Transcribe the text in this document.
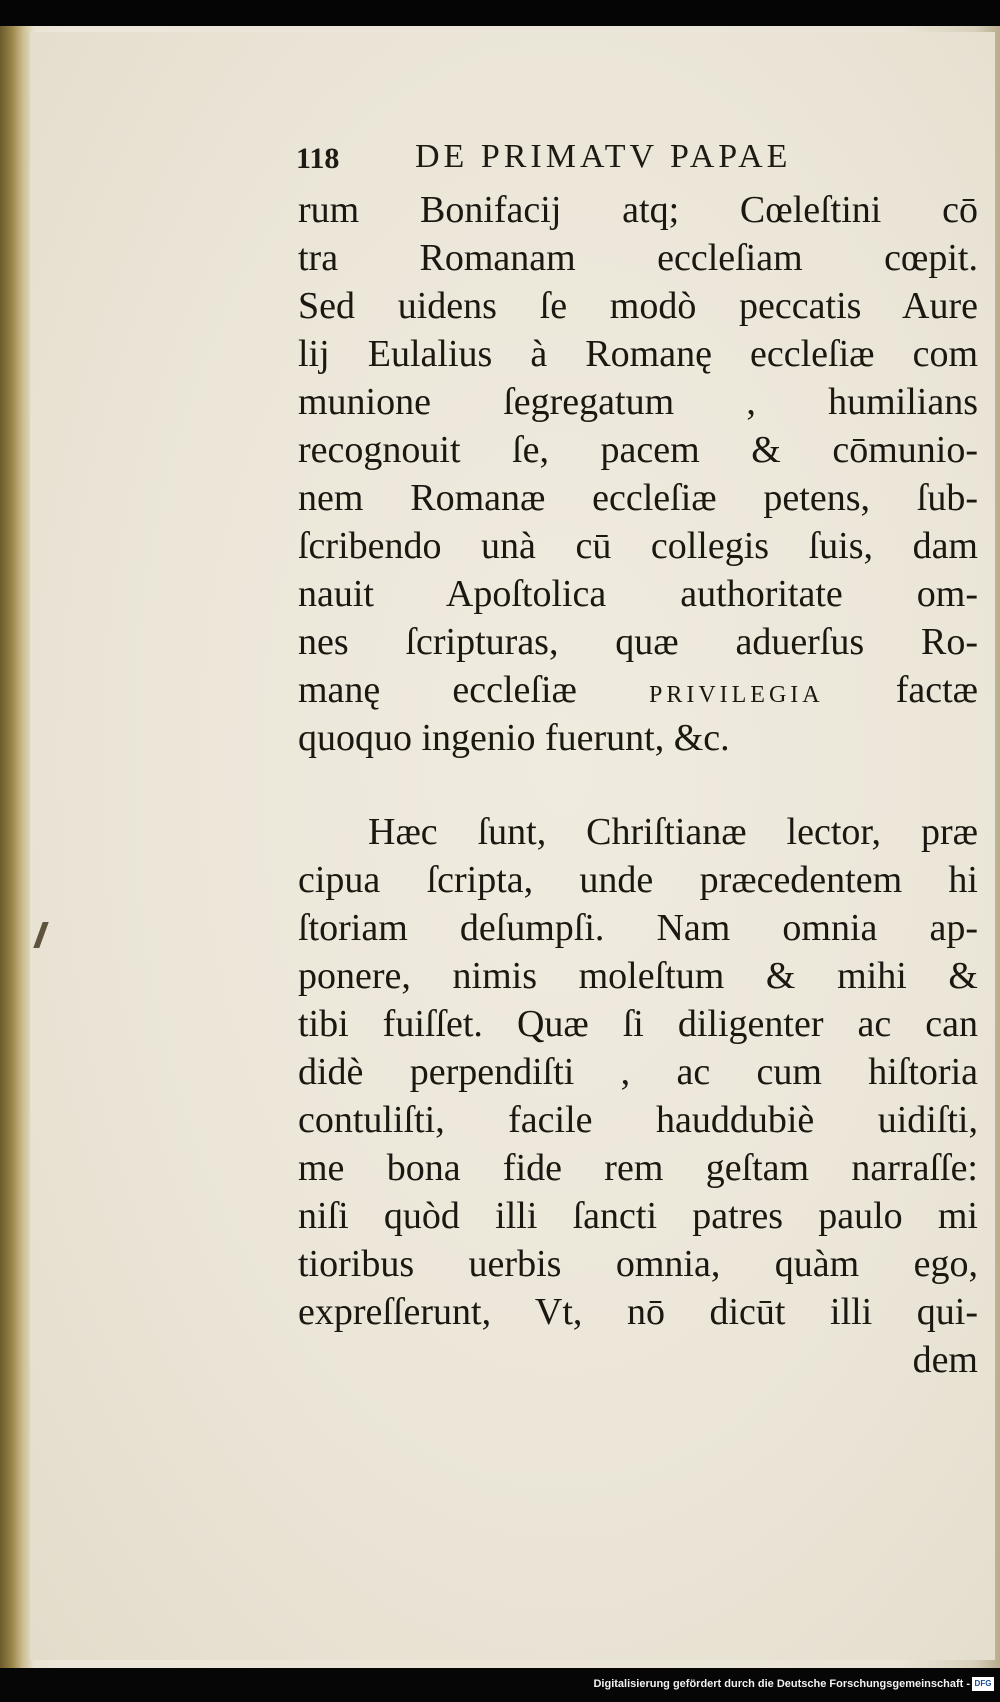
118 DE PRIMATV PAPAE
rum Bonifacij atq; Cœleſtini cō
tra Romanam eccleſiam cœpit.
Sed uidens ſe modò peccatis Aure
lij Eulalius à Romanę eccleſiæ com
munione ſegregatum , humilians
recognouit ſe, pacem & cōmunio-
nem Romanæ eccleſiæ petens, ſub-
ſcribendo unà cū collegis ſuis, dam
nauit Apoſtolica authoritate om-
nes ſcripturas, quæ aduerſus Ro-
manę eccleſiæ	PRIVILEGIA factæ
quoquo ingenio fuerunt, &c.
Hæc ſunt, Chriſtianæ lector, præ
cipua ſcripta, unde præcedentem hi
ſtoriam deſumpſi. Nam omnia ap-
ponere, nimis moleſtum & mihi &
tibi fuiſſet. Quæ ſi diligenter ac can
didè perpendiſti , ac cum hiſtoria
contuliſti, facile hauddubiè uidiſti,
me bona fide rem geſtam narraſſe:
niſi quòd illi ſancti patres paulo mi
tioribus uerbis omnia, quàm ego,
expreſſerunt, Vt, nō dicūt illi qui-
dem
Digitalisierung gefördert durch die Deutsche Forschungsgemeinschaft - DFG
